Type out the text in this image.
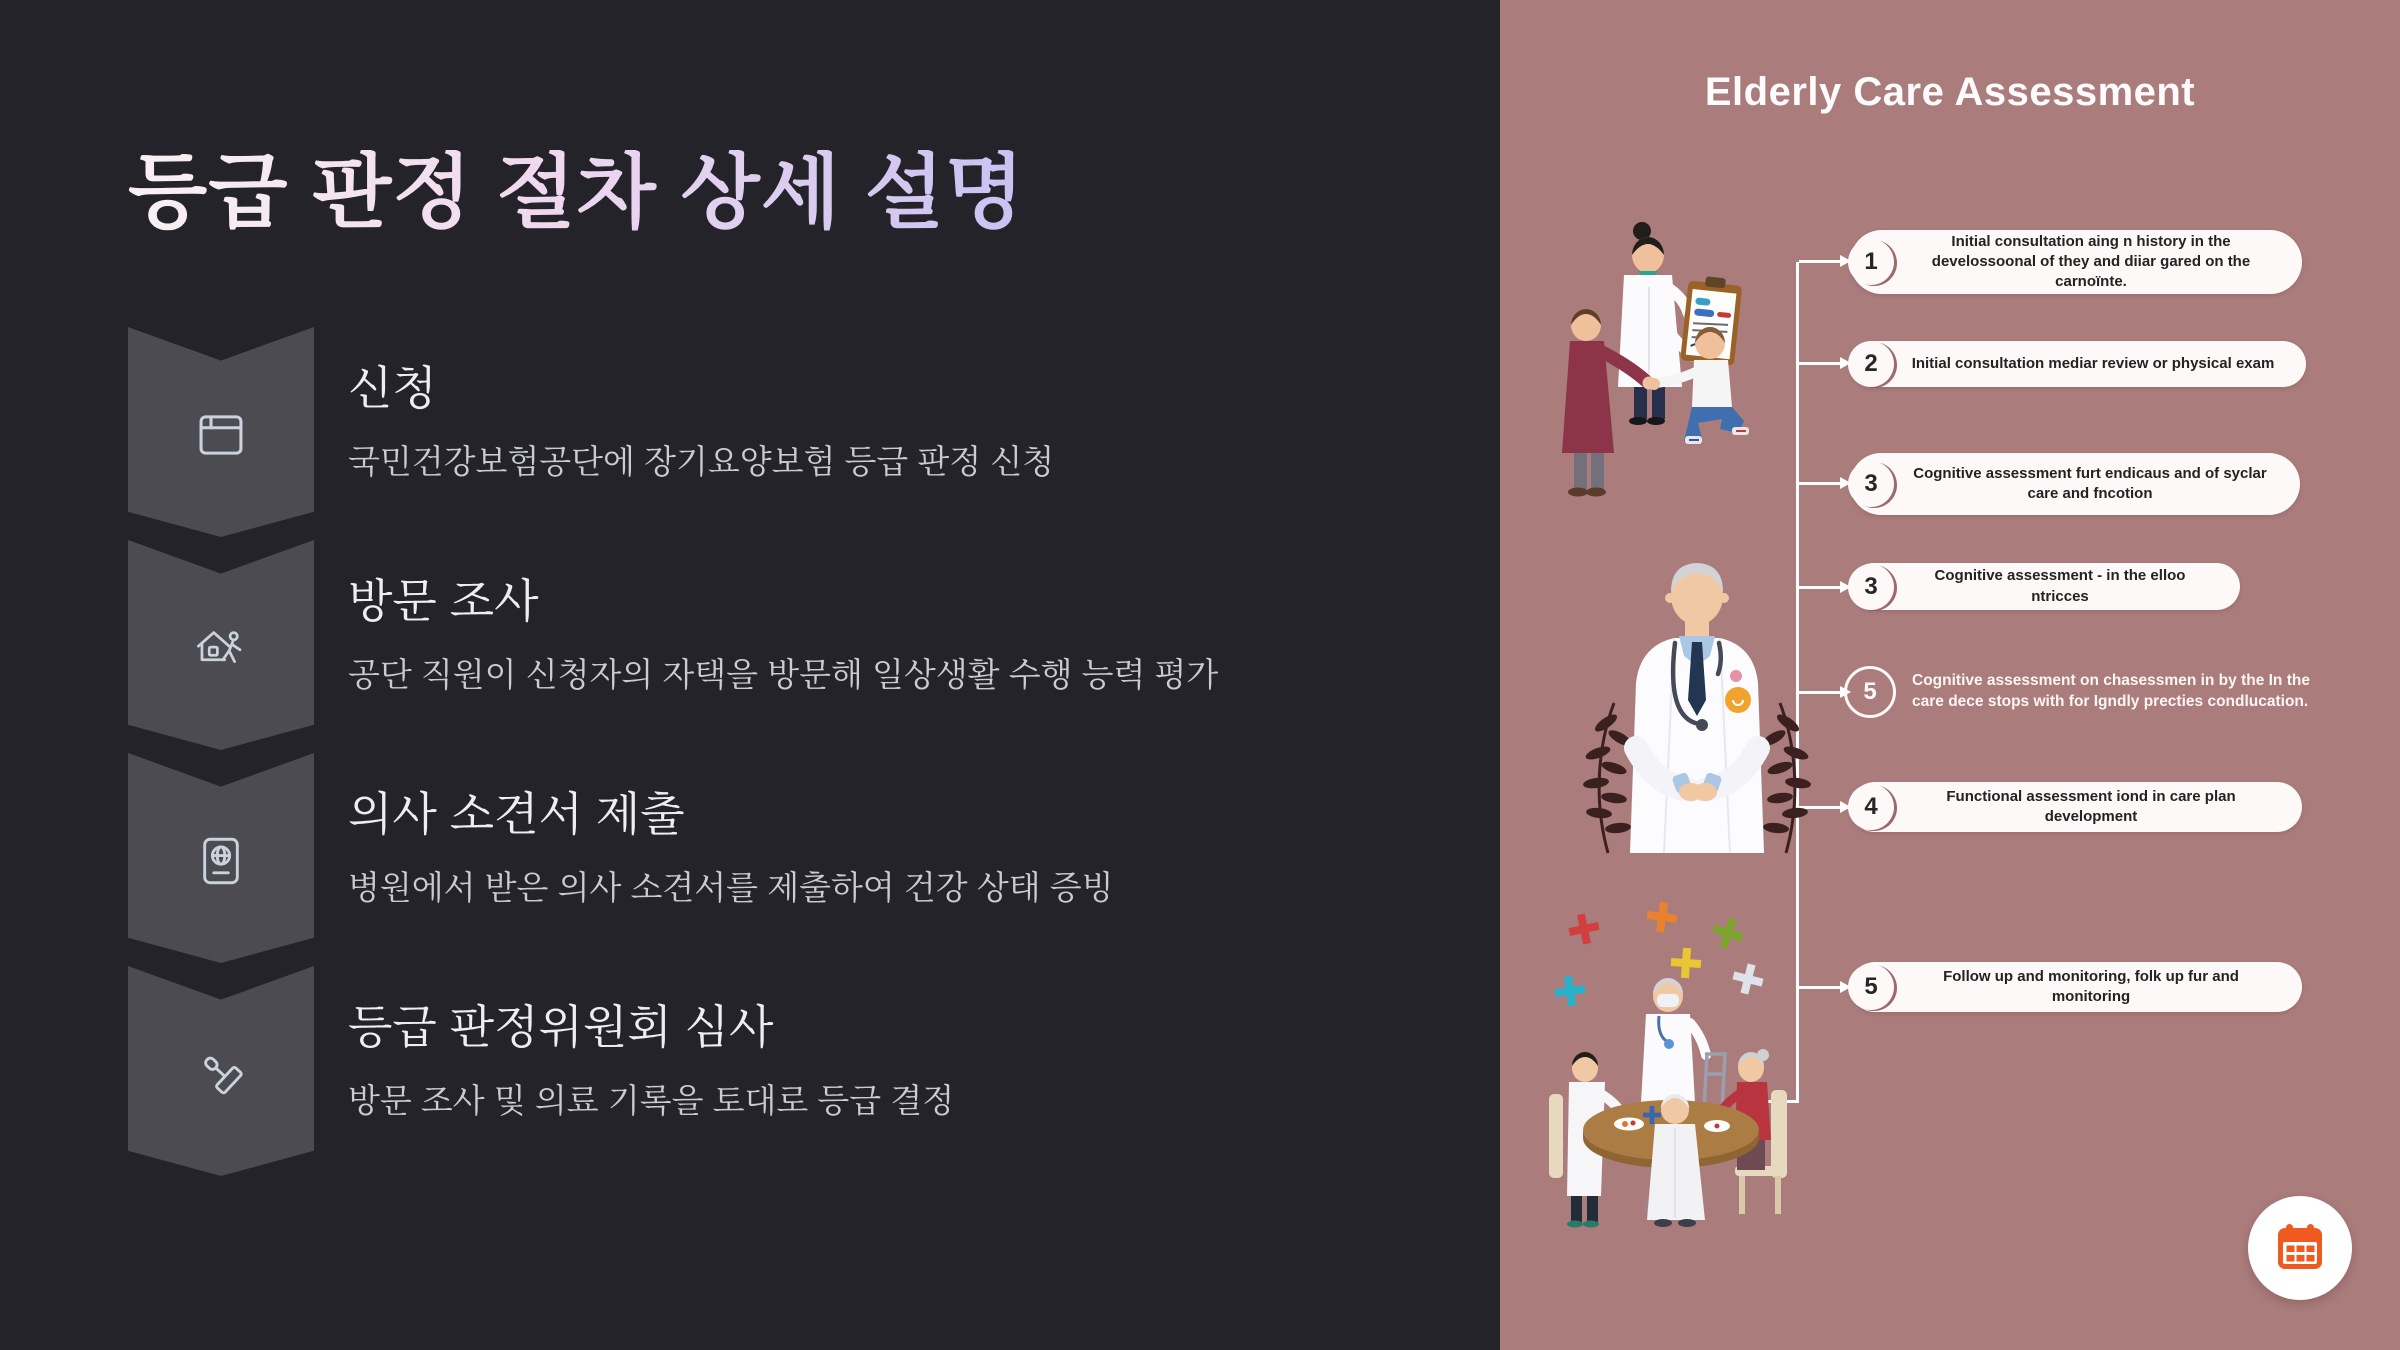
등급 판정 절차 상세 설명
신청
국민건강보험공단에 장기요양보험 등급 판정 신청
방문 조사
공단 직원이 신청자의 자택을 방문해 일상생활 수행 능력 평가
의사 소견서 제출
병원에서 받은 의사 소견서를 제출하여 건강 상태 증빙
등급 판정위원회 심사
방문 조사 및 의료 기록을 토대로 등급 결정
Elderly Care Assessment
1
Initial consultation aing n history in the develossoonal of they and diiar gared on the carnoïnte.
2	Initial consultation mediar review or physical exam
3	Cognitive assessment furt endicaus and of syclar care and fncotion
3	Cognitive assessment - in the elloo ntricces
5	Cognitive assessment on chasessmen in by the In the care dece stops with for Igndly precties condlucation.
4	Functional assessment iond in care plan development
5	Follow up and monitoring, folk up fur and monitoring
